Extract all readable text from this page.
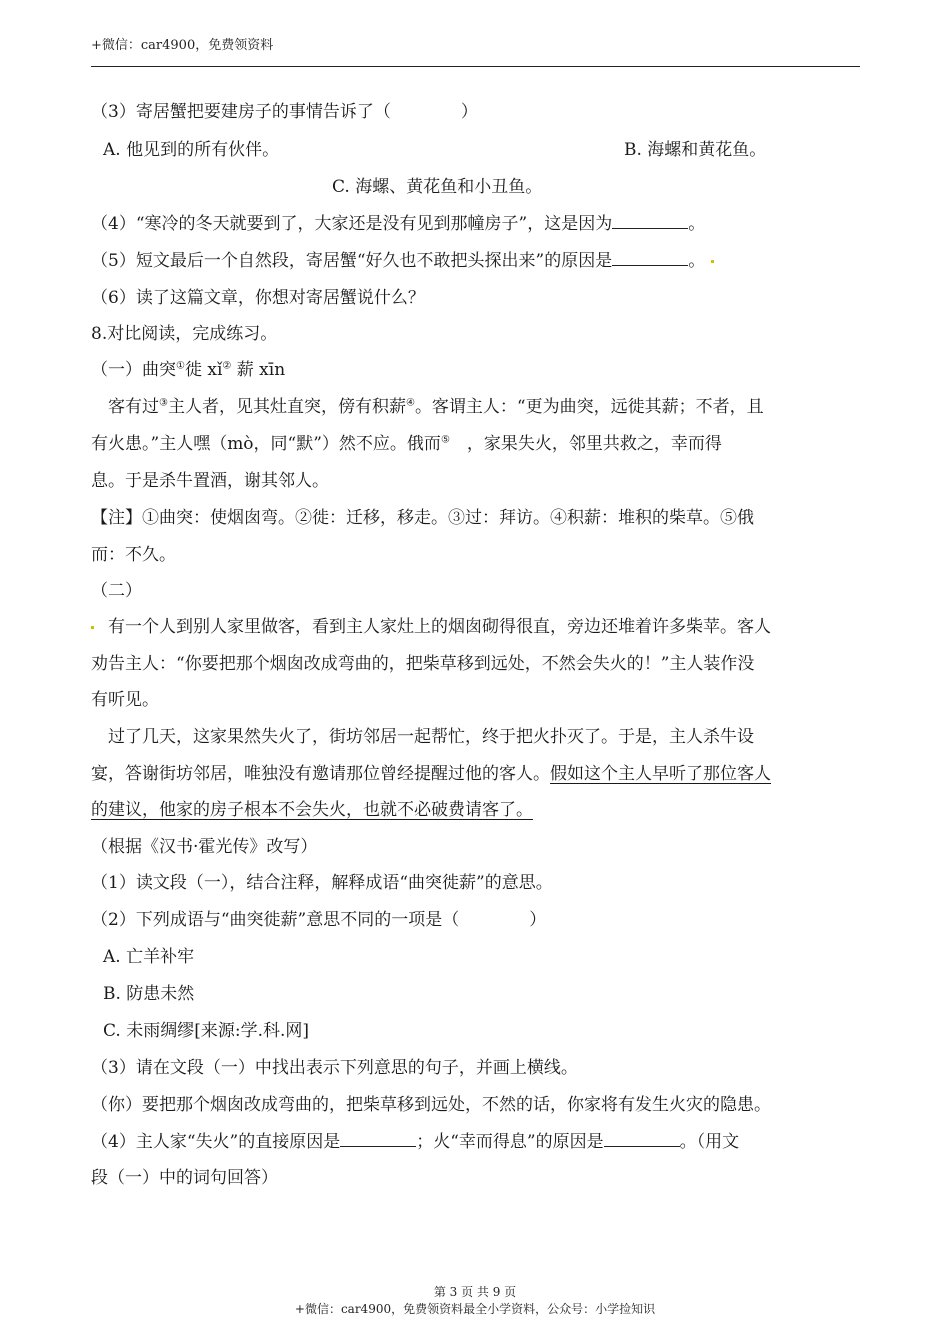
+微信：car4900，免费领资料
（3）寄居蟹把要建房子的事情告诉了（	）
A. 他见到的所有伙伴。	B. 海螺和黄花鱼。
C. 海螺、黄花鱼和小丑鱼。
（4）“寒冷的冬天就要到了，大家还是没有见到那幢房子”，这是因为	。
（5）短文最后一个自然段，寄居蟹“好久也不敢把头探出来”的原因是	。
（6）读了这篇文章，你想对寄居蟹说什么？
8.对比阅读，完成练习。
（一）曲突①徙 xǐ② 薪 xīn
　客有过③主人者，见其灶直突，傍有积薪④。客谓主人：“更为曲突，远徙其薪；不者，且
有火患。”主人嘿（mò，同“默”）然不应。俄而⑤　，家果失火，邻里共救之，幸而得
息。于是杀牛置酒，谢其邻人。
【注】①曲突：使烟囱弯。②徙：迁移，移走。③过：拜访。④积薪：堆积的柴草。⑤俄
而：不久。
（二）
有一个人到别人家里做客，看到主人家灶上的烟囱砌得很直，旁边还堆着许多柴苹。客人
劝告主人：“你要把那个烟囱改成弯曲的，把柴草移到远处，不然会失火的！”主人装作没
有听见。
　过了几天，这家果然失火了，街坊邻居一起帮忙，终于把火扑灭了。于是，主人杀牛设
宴，答谢街坊邻居，唯独没有邀请那位曾经提醒过他的客人。假如这个主人早听了那位客人
的建议，他家的房子根本不会失火，也就不必破费请客了。
（根据《汉书·霍光传》改写）
（1）读文段（一），结合注释，解释成语“曲突徙薪”的意思。
（2）下列成语与“曲突徙薪”意思不同的一项是（	）
A. 亡羊补牢
B. 防患未然
C. 未雨绸缪[来源:学.科.网]
（3）请在文段（一）中找出表示下列意思的句子，并画上横线。
（你）要把那个烟囱改成弯曲的，把柴草移到远处，不然的话，你家将有发生火灾的隐患。
（4）主人家“失火”的直接原因是	；火“幸而得息”的原因是	。（用文
段（一）中的词句回答）
第 3 页 共 9 页
+微信：car4900，免费领资料最全小学资料，公众号：小学捡知识
